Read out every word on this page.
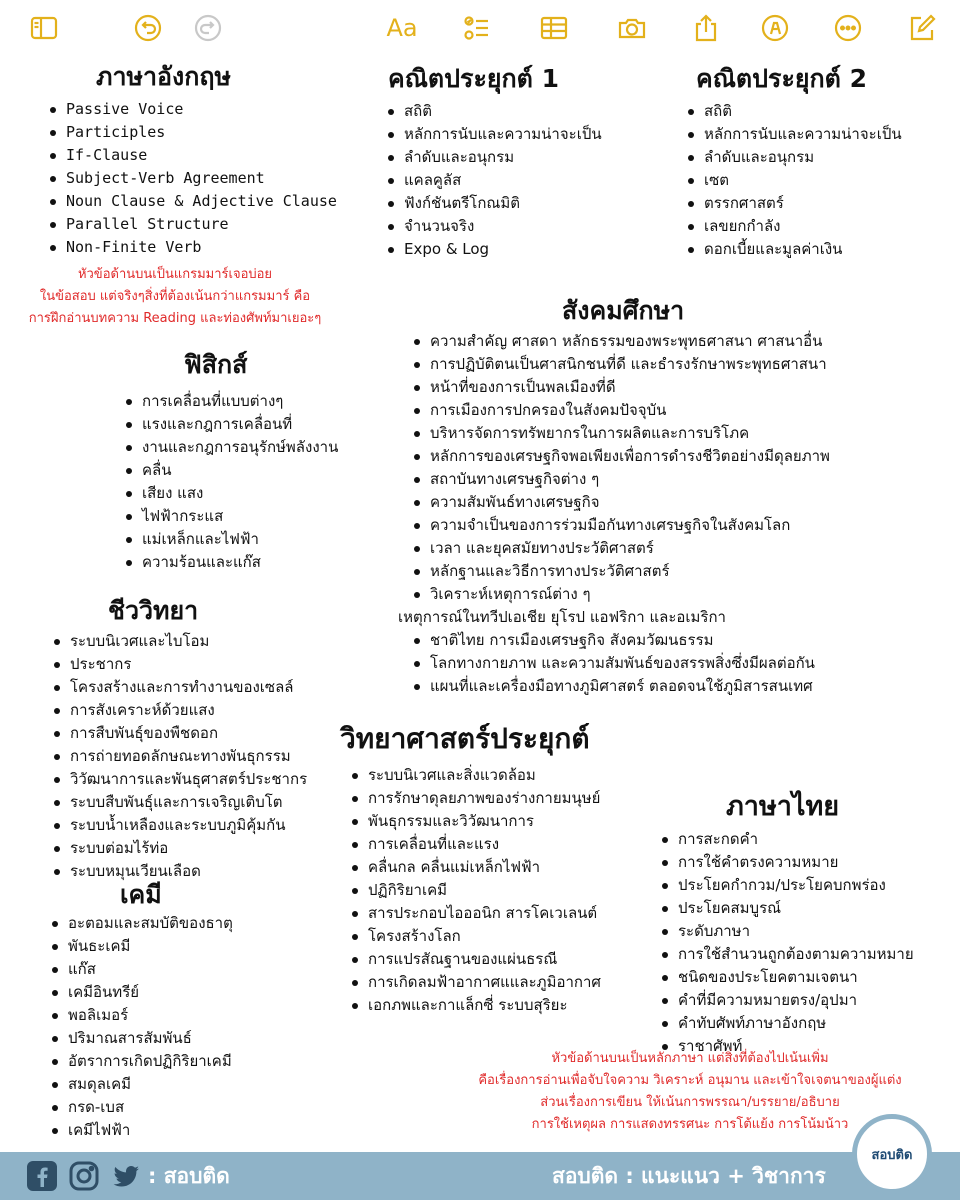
Aa
ภาษาอังกฤษ
Passive Voice
Participles
If-Clause
Subject-Verb Agreement
Noun Clause & Adjective Clause
Parallel Structure
Non-Finite Verb
หัวข้อด้านบนเป็นแกรมมาร์เจอบ่อย
ในข้อสอบ แต่จริงๆสิ่งที่ต้องเน้นกว่าแกรมมาร์ คือ
การฝึกอ่านบทความ Reading และท่องศัพท์มาเยอะๆ
คณิตประยุกต์ 1
สถิติ
หลักการนับและความน่าจะเป็น
ลำดับและอนุกรม
แคลคูลัส
ฟังก์ชันตรีโกณมิติ
จำนวนจริง
Expo & Log
คณิตประยุกต์ 2
สถิติ
หลักการนับและความน่าจะเป็น
ลำดับและอนุกรม
เซต
ตรรกศาสตร์
เลขยกกำลัง
ดอกเบี้ยและมูลค่าเงิน
สังคมศึกษา
ความสำคัญ ศาสดา หลักธรรมของพระพุทธศาสนา ศาสนาอื่น
การปฏิบัติตนเป็นศาสนิกชนที่ดี และธำรงรักษาพระพุทธศาสนา
หน้าที่ของการเป็นพลเมืองที่ดี
การเมืองการปกครองในสังคมปัจจุบัน
บริหารจัดการทรัพยากรในการผลิตและการบริโภค
หลักการของเศรษฐกิจพอเพียงเพื่อการดำรงชีวิตอย่างมีดุลยภาพ
สถาบันทางเศรษฐกิจต่าง ๆ
ความสัมพันธ์ทางเศรษฐกิจ
ความจำเป็นของการร่วมมือกันทางเศรษฐกิจในสังคมโลก
เวลา และยุคสมัยทางประวัติศาสตร์
หลักฐานและวิธีการทางประวัติศาสตร์
วิเคราะห์เหตุการณ์ต่าง ๆ
เหตุการณ์ในทวีปเอเชีย ยุโรป แอฟริกา และอเมริกา
ชาติไทย การเมืองเศรษฐกิจ สังคมวัฒนธรรม
โลกทางกายภาพ และความสัมพันธ์ของสรรพสิ่งซึ่งมีผลต่อกัน
แผนที่และเครื่องมือทางภูมิศาสตร์ ตลอดจนใช้ภูมิสารสนเทศ
ฟิสิกส์
การเคลื่อนที่แบบต่างๆ
แรงและกฎการเคลื่อนที่
งานและกฎการอนุรักษ์พลังงาน
คลื่น
เสียง แสง
ไฟฟ้ากระแส
แม่เหล็กและไฟฟ้า
ความร้อนและแก๊ส
ชีววิทยา
ระบบนิเวศและไบโอม
ประชากร
โครงสร้างและการทำงานของเซลล์
การสังเคราะห์ด้วยแสง
การสืบพันธุ์ของพืชดอก
การถ่ายทอดลักษณะทางพันธุกรรม
วิวัฒนาการและพันธุศาสตร์ประชากร
ระบบสืบพันธุ์และการเจริญเติบโต
ระบบน้ำเหลืองและระบบภูมิคุ้มกัน
ระบบต่อมไร้ท่อ
ระบบหมุนเวียนเลือด
เคมี
อะตอมและสมบัติของธาตุ
พันธะเคมี
แก๊ส
เคมีอินทรีย์
พอลิเมอร์
ปริมาณสารสัมพันธ์
อัตราการเกิดปฏิกิริยาเคมี
สมดุลเคมี
กรด-เบส
เคมีไฟฟ้า
วิทยาศาสตร์ประยุกต์
ระบบนิเวศและสิ่งแวดล้อม
การรักษาดุลยภาพของร่างกายมนุษย์
พันธุกรรมและวิวัฒนาการ
การเคลื่อนที่และแรง
คลื่นกล คลื่นแม่เหล็กไฟฟ้า
ปฏิกิริยาเคมี
สารประกอบไอออนิก สารโคเวเลนต์
โครงสร้างโลก
การแปรสัณฐานของแผ่นธรณี
การเกิดลมฟ้าอากาศแและภูมิอากาศ
เอกภพและกาแล็กซี่ ระบบสุริยะ
ภาษาไทย
การสะกดคำ
การใช้คำตรงความหมาย
ประโยคกำกวม/ประโยคบกพร่อง
ประโยคสมบูรณ์
ระดับภาษา
การใช้สำนวนถูกต้องตามความหมาย
ชนิดของประโยคตามเจตนา
คำที่มีความหมายตรง/อุปมา
คำทับศัพท์ภาษาอังกฤษ
ราชาศัพท์
หัวข้อด้านบนเป็นหลักภาษา แต่สิ่งที่ต้องไปเน้นเพิ่ม
คือเรื่องการอ่านเพื่อจับใจความ วิเคราะห์ อนุมาน และเข้าใจเจตนาของผู้แต่ง
ส่วนเรื่องการเขียน ให้เน้นการพรรณา/บรรยาย/อธิบาย
การใช้เหตุผล การแสดงทรรศนะ การโต้แย้ง การโน้มน้าว
: สอบติด	สอบติด : แนะแนว + วิชาการ
สอบติด
